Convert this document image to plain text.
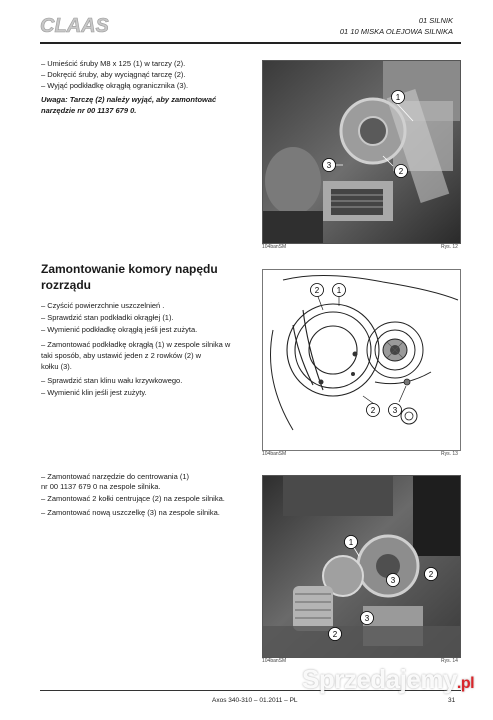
CLAAS	01 SILNIK
01 10 MISKA OLEJOWA SILNIKA
– Umieścić śruby M8 x 125 (1) w tarczy (2).
– Dokręcić śruby, aby wyciągnąć tarczę (2).
– Wyjąć podkładkę okrągłą ogranicznika (3).
Uwaga: Tarczę (2) należy wyjąć, aby zamontować
narzędzie nr 00 1137 679 0.
1
2
3
104banSM	Rys. 12
Zamontowanie komory napędu
rozrządu
– Czyścić powierzchnie uszczelnień .
– Sprawdzić stan podkładki okrągłej (1).
– Wymienić podkładkę okrągłą jeśli jest zużyta.
– Zamontować podkładkę okrągłą (1) w zespole silnika w
taki sposób, aby ustawić jeden z 2 rowków (2) w
kołku (3).
– Sprawdzić stan klinu wału krzywkowego.
– Wymienić klin jeśli jest zużyty.
2 1
2 3
104banSM	Rys. 13
– Zamontować narzędzie do centrowania (1)
nr 00 1137 679 0 na zespole silnika.
– Zamontować 2 kołki centrujące (2) na zespole silnika.
– Zamontować nową uszczelkę (3) na zespole silnika.
1
3
2
3
2
104banSM	Rys. 14
Axos 340-310 – 01.2011 – PL	31
Sprzedajemy.pl
